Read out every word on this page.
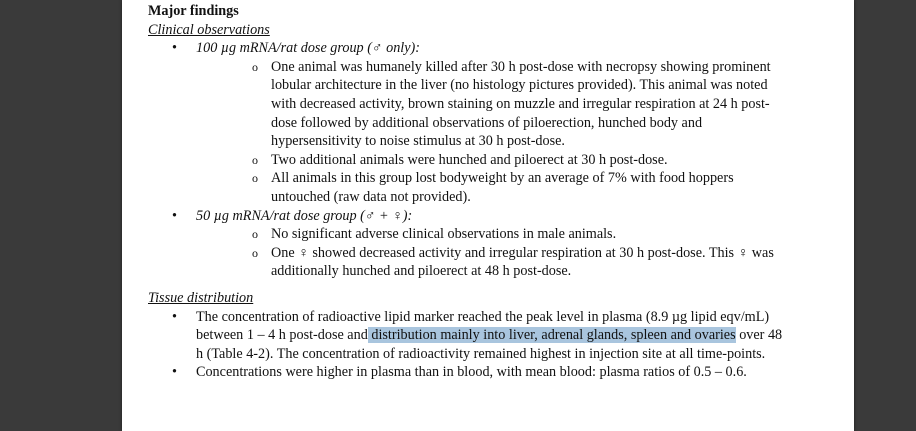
Major findings
Clinical observations
• 100 µg mRNA/rat dose group (♂ only):
o One animal was humanely killed after 30 h post-dose with necropsy showing prominent lobular architecture in the liver (no histology pictures provided). This animal was noted with decreased activity, brown staining on muzzle and irregular respiration at 24 h post-dose followed by additional observations of piloerection, hunched body and hypersensitivity to noise stimulus at 30 h post-dose.
o Two additional animals were hunched and piloerect at 30 h post-dose.
o All animals in this group lost bodyweight by an average of 7% with food hoppers untouched (raw data not provided).
• 50 µg mRNA/rat dose group (♂ + ♀):
o No significant adverse clinical observations in male animals.
o One ♀ showed decreased activity and irregular respiration at 30 h post-dose. This ♀ was additionally hunched and piloerect at 48 h post-dose.
Tissue distribution
• The concentration of radioactive lipid marker reached the peak level in plasma (8.9 µg lipid eqv/mL) between 1 – 4 h post-dose and distribution mainly into liver, adrenal glands, spleen and ovaries over 48 h (Table 4-2). The concentration of radioactivity remained highest in injection site at all time-points.
• Concentrations were higher in plasma than in blood, with mean blood: plasma ratios of 0.5 – 0.6.
